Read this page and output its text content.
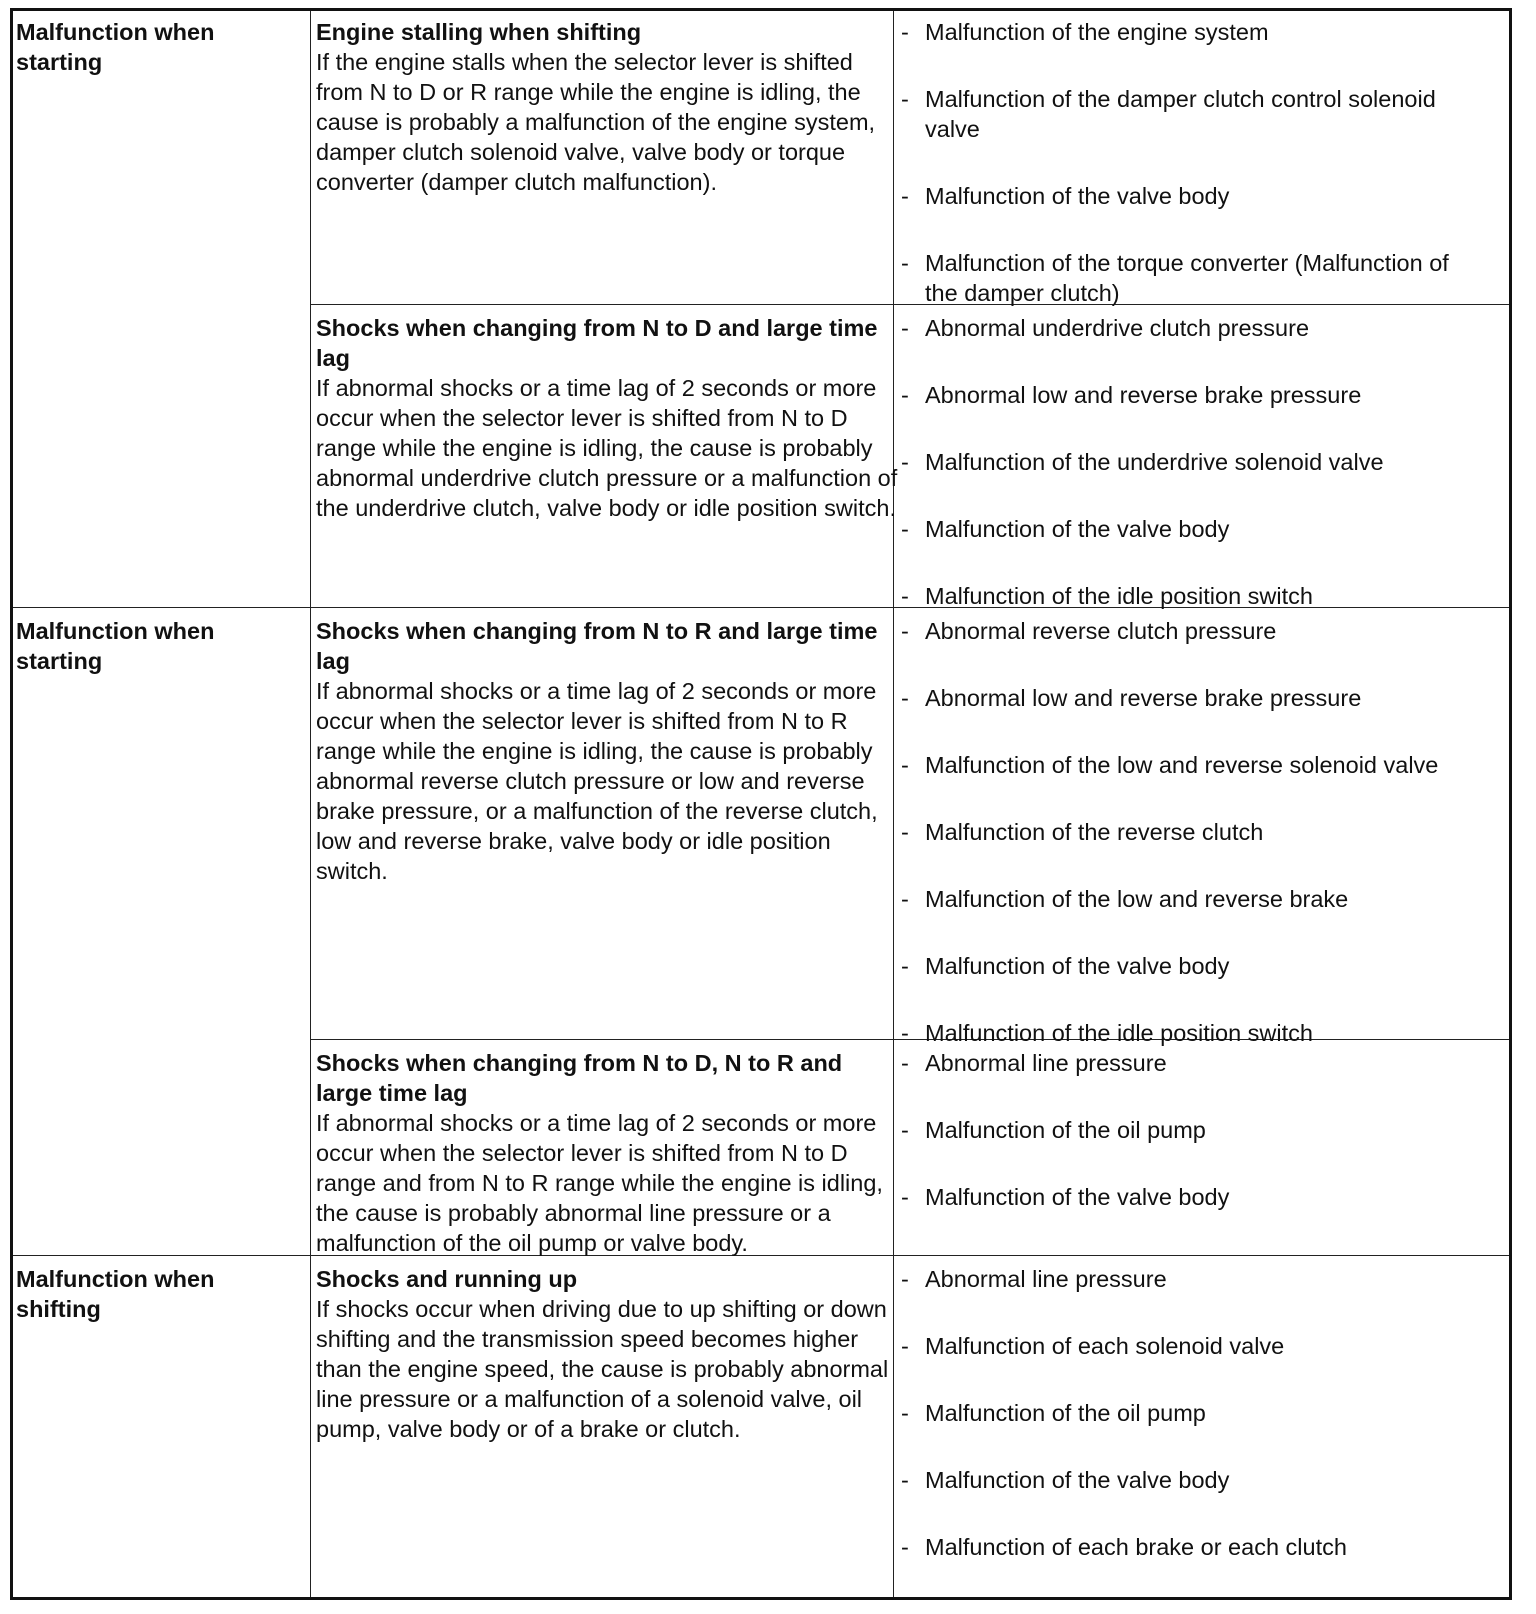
Malfunction when starting
Engine stalling when shifting
If the engine stalls when the selector lever is shifted from N to D or R range while the engine is idling, the cause is probably a malfunction of the engine system, damper clutch solenoid valve, valve body or torque converter (damper clutch malfunction).
- Malfunction of the engine system
- Malfunction of the damper clutch control solenoid valve
- Malfunction of the valve body
- Malfunction of the torque converter (Malfunction of the damper clutch)
Shocks when changing from N to D and large time lag
If abnormal shocks or a time lag of 2 seconds or more occur when the selector lever is shifted from N to D range while the engine is idling, the cause is probably abnormal underdrive clutch pressure or a malfunction of the underdrive clutch, valve body or idle position switch.
- Abnormal underdrive clutch pressure
- Abnormal low and reverse brake pressure
- Malfunction of the underdrive solenoid valve
- Malfunction of the valve body
- Malfunction of the idle position switch
Malfunction when starting
Shocks when changing from N to R and large time lag
If abnormal shocks or a time lag of 2 seconds or more occur when the selector lever is shifted from N to R range while the engine is idling, the cause is probably abnormal reverse clutch pressure or low and reverse brake pressure, or a malfunction of the reverse clutch, low and reverse brake, valve body or idle position switch.
- Abnormal reverse clutch pressure
- Abnormal low and reverse brake pressure
- Malfunction of the low and reverse solenoid valve
- Malfunction of the reverse clutch
- Malfunction of the low and reverse brake
- Malfunction of the valve body
- Malfunction of the idle position switch
Shocks when changing from N to D, N to R and large time lag
If abnormal shocks or a time lag of 2 seconds or more occur when the selector lever is shifted from N to D range and from N to R range while the engine is idling, the cause is probably abnormal line pressure or a malfunction of the oil pump or valve body.
- Abnormal line pressure
- Malfunction of the oil pump
- Malfunction of the valve body
Malfunction when shifting
Shocks and running up
If shocks occur when driving due to up shifting or down shifting and the transmission speed becomes higher than the engine speed, the cause is probably abnormal line pressure or a malfunction of a solenoid valve, oil pump, valve body or of a brake or clutch.
- Abnormal line pressure
- Malfunction of each solenoid valve
- Malfunction of the oil pump
- Malfunction of the valve body
- Malfunction of each brake or each clutch
